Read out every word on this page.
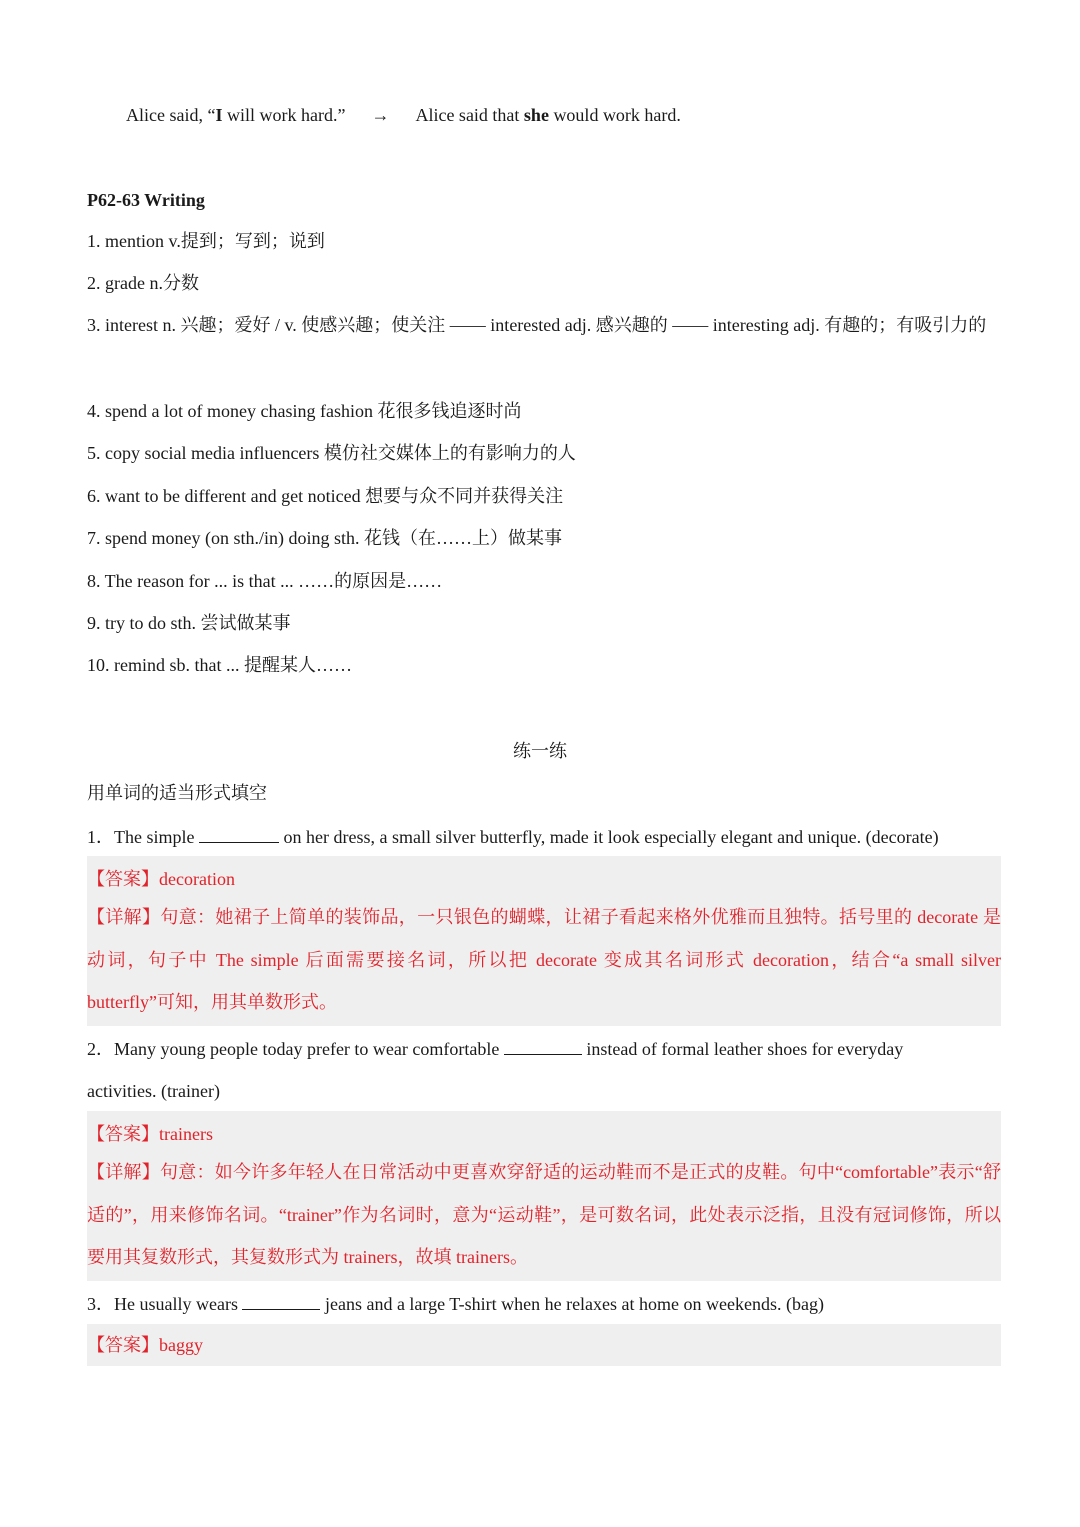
Alice said, “I will work hard.” → Alice said that she would work hard.
P62-63 Writing
1. mention v.提到；写到；说到
2. grade n.分数
3. interest n. 兴趣；爱好 / v. 使感兴趣；使关注 —— interested adj. 感兴趣的 —— interesting adj. 有趣的；有吸引力的
4. spend a lot of money chasing fashion 花很多钱追逐时尚
5. copy social media influencers 模仿社交媒体上的有影响力的人
6. want to be different and get noticed 想要与众不同并获得关注
7. spend money (on sth./in) doing sth. 花钱（在……上）做某事
8. The reason for ... is that ... ……的原因是……
9. try to do sth. 尝试做某事
10. remind sb. that ... 提醒某人……
练一练
用单词的适当形式填空
1．The simple	on her dress, a small silver butterfly, made it look especially elegant and unique. (decorate)
【答案】decoration
【详解】句意：她裙子上简单的装饰品，一只银色的蝴蝶，让裙子看起来格外优雅而且独特。括号里的 decorate 是动词，句子中 The simple 后面需要接名词，所以把 decorate 变成其名词形式 decoration，结合“a small silver butterfly”可知，用其单数形式。
2．Many young people today prefer to wear comfortable	instead of formal leather shoes for everyday
activities. (trainer)
【答案】trainers
【详解】句意：如今许多年轻人在日常活动中更喜欢穿舒适的运动鞋而不是正式的皮鞋。句中“comfortable”表示“舒适的”，用来修饰名词。“trainer”作为名词时，意为“运动鞋”，是可数名词，此处表示泛指，且没有冠词修饰，所以要用其复数形式，其复数形式为 trainers，故填 trainers。
3．He usually wears	jeans and a large T-shirt when he relaxes at home on weekends. (bag)
【答案】baggy
